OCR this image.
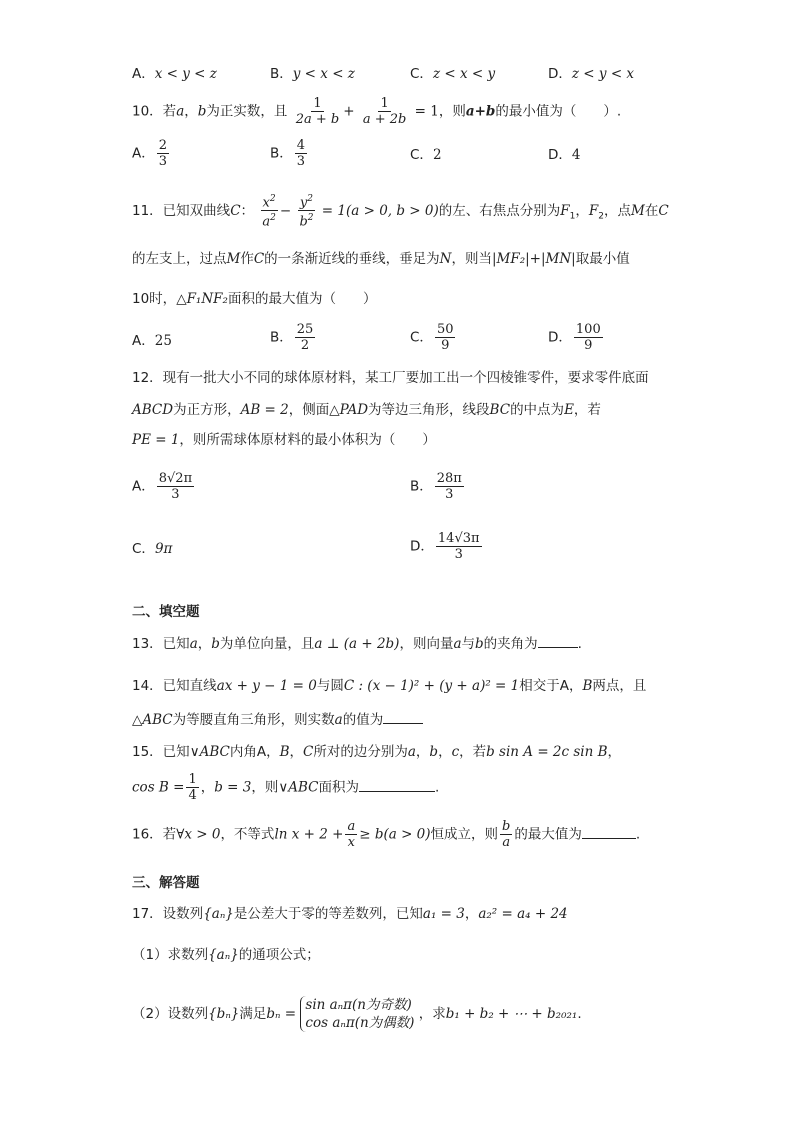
A．x < y < z	B．y < x < z	C．z < x < y	D．z < y < x
10．若a，b为正实数，且 $\frac{1}{2a + b} + \frac{1}{a + 2b} = 1$，则a+b的最小值为（　　）.
A． $\frac{2}{3}$	B． $\frac{4}{3}$	C．2	D．4
11．已知双曲线C： $\frac{x^2}{a^2} - \frac{y^2}{b^2} = 1(a > 0$, b > 0)的左、右焦点分别为$F_1$，$F_2$，点M在C
的左支上，过点M作C的一条渐近线的垂线，垂足为N，则当|MF₂|+|MN|取最小值
10时，△F₁NF₂面积的最大值为（　　）
A．25	B． $\frac{25}{2}$	C． $\frac{50}{9}$	D． $\frac{100}{9}$
12．现有一批大小不同的球体原材料，某工厂要加工出一个四棱锥零件，要求零件底面
ABCD为正方形，AB = 2，侧面△PAD为等边三角形，线段BC的中点为E，若
PE = 1，则所需球体原材料的最小体积为（　　）
A． $\frac{8√2\pi}{3}$	B． $\frac{28\pi}{3}$
C．9π	D． $\frac{14√3\pi}{3}$
二、填空题
13．已知a，b为单位向量，且a ⊥ (a + 2b)，则向量a与b的夹角为	.
14．已知直线ax + y − 1 = 0与圆C : (x − 1)² + (y + a)² = 1相交于A，B两点，且
△ABC为等腰直角三角形，则实数a的值为
15．已知∨ABC内角A，B，C所对的边分别为a，b，c，若b sin A = 2c sin B，
$\cos B = \frac{1}{4}$ ，b = 3，则∨ABC面积为	.
16．若∀x > 0，不等式$\ln x + 2 + \frac{a}{x} \ge b(a > 0)$恒成立，则 $\frac{b}{a}$ 的最大值为	.
三、解答题
17．设数列{aₙ}是公差大于零的等差数列，已知a₁ = 3，a₂² = a₄ + 24
（1）求数列{aₙ}的通项公式；
（2）设数列{bₙ}满足bₙ =
sin aₙπ(n为奇数)
cos aₙπ(n为偶数)
，求b₁ + b₂ + ⋯ + b₂₀₂₁.
